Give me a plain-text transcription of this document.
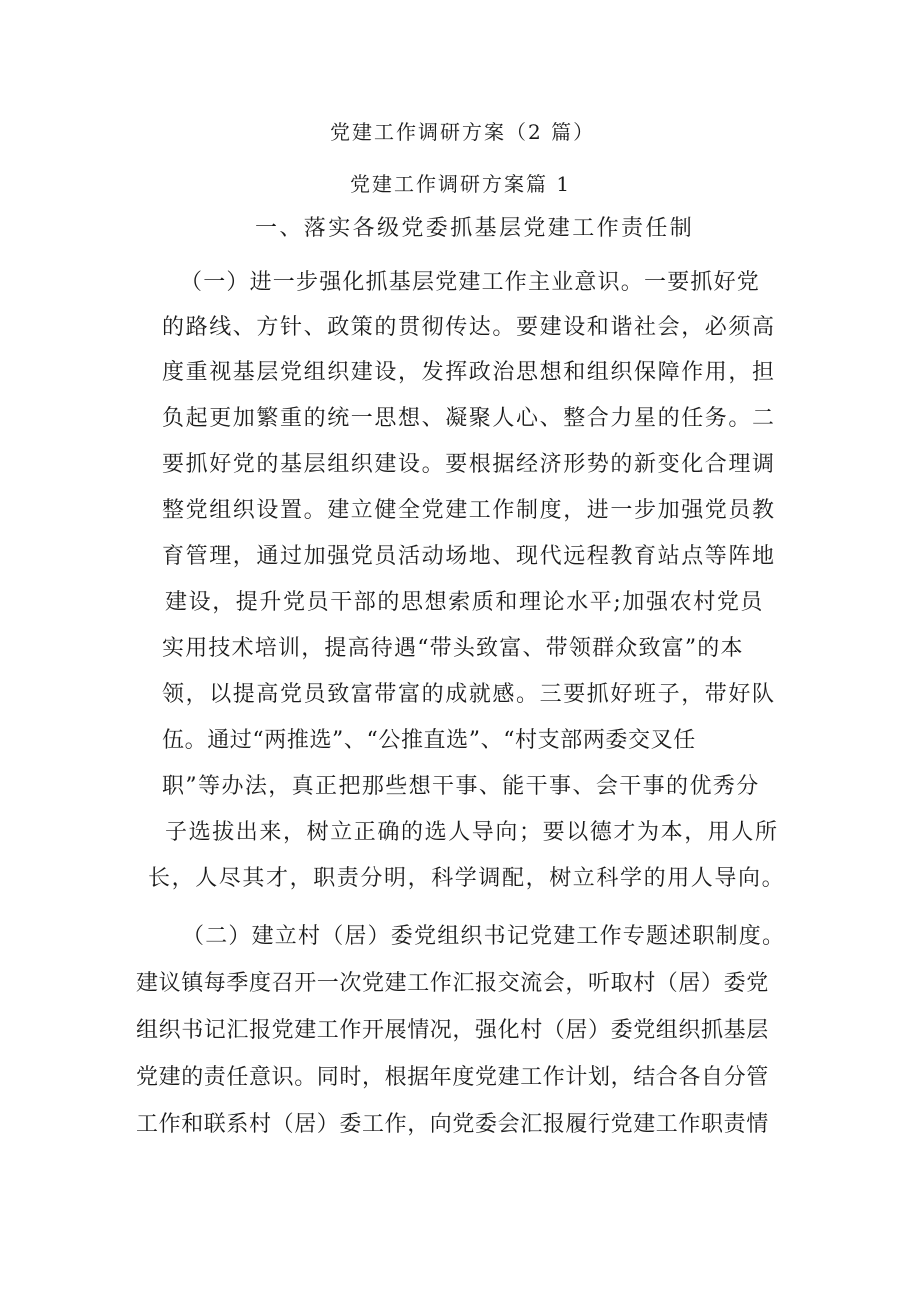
党建工作调研方案（2 篇）
党建工作调研方案篇 1
一、落实各级党委抓基层党建工作责任制
（一）进一步强化抓基层党建工作主业意识。一要抓好党
的路线、方针、政策的贯彻传达。要建设和谐社会，必须高
度重视基层党组织建设，发挥政治思想和组织保障作用，担
负起更加繁重的统一思想、凝聚人心、整合力星的任务。二
要抓好党的基层组织建设。要根据经济形势的新变化合理调
整党组织设置。建立健全党建工作制度，进一步加强党员教
育管理，通过加强党员活动场地、现代远程教育站点等阵地
建设，提升党员干部的思想索质和理论水平;加强农村党员
实用技术培训，提高待遇“带头致富、带领群众致富”的本
领，以提高党员致富带富的成就感。三要抓好班子，带好队
伍。通过“两推选”、“公推直选”、“村支部两委交叉任
职”等办法，真正把那些想干事、能干事、会干事的优秀分
子选拔出来，树立正确的选人导向；要以德才为本，用人所
长，人尽其才，职责分明，科学调配，树立科学的用人导向。
（二）建立村（居）委党组织书记党建工作专题述职制度。
建议镇每季度召开一次党建工作汇报交流会，听取村（居）委党
组织书记汇报党建工作开展情况，强化村（居）委党组织抓基层
党建的责任意识。同时，根据年度党建工作计划，结合各自分管
工作和联系村（居）委工作，向党委会汇报履行党建工作职责情
